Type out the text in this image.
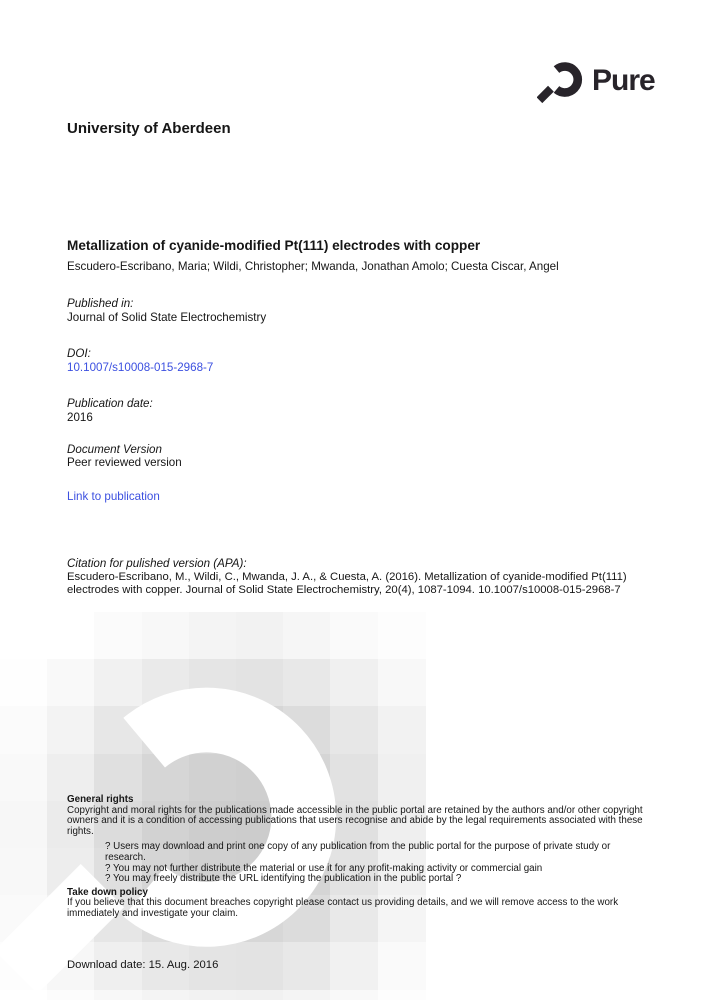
Pure
University of Aberdeen
Metallization of cyanide-modified Pt(111) electrodes with copper
Escudero-Escribano, Maria; Wildi, Christopher; Mwanda, Jonathan Amolo; Cuesta Ciscar, Angel
Published in:
Journal of Solid State Electrochemistry
DOI:
10.1007/s10008-015-2968-7
Publication date:
2016
Document Version
Peer reviewed version
Link to publication
Citation for pulished version (APA):
Escudero-Escribano, M., Wildi, C., Mwanda, J. A., & Cuesta, A. (2016). Metallization of cyanide-modified Pt(111) electrodes with copper. Journal of Solid State Electrochemistry, 20(4), 1087-1094. 10.1007/s10008-015-2968-7
General rights
Copyright and moral rights for the publications made accessible in the public portal are retained by the authors and/or other copyright owners and it is a condition of accessing publications that users recognise and abide by the legal requirements associated with these rights.
? Users may download and print one copy of any publication from the public portal for the purpose of private study or research.
? You may not further distribute the material or use it for any profit-making activity or commercial gain
? You may freely distribute the URL identifying the publication in the public portal ?
Take down policy
If you believe that this document breaches copyright please contact us providing details, and we will remove access to the work immediately and investigate your claim.
Download date: 15. Aug. 2016
